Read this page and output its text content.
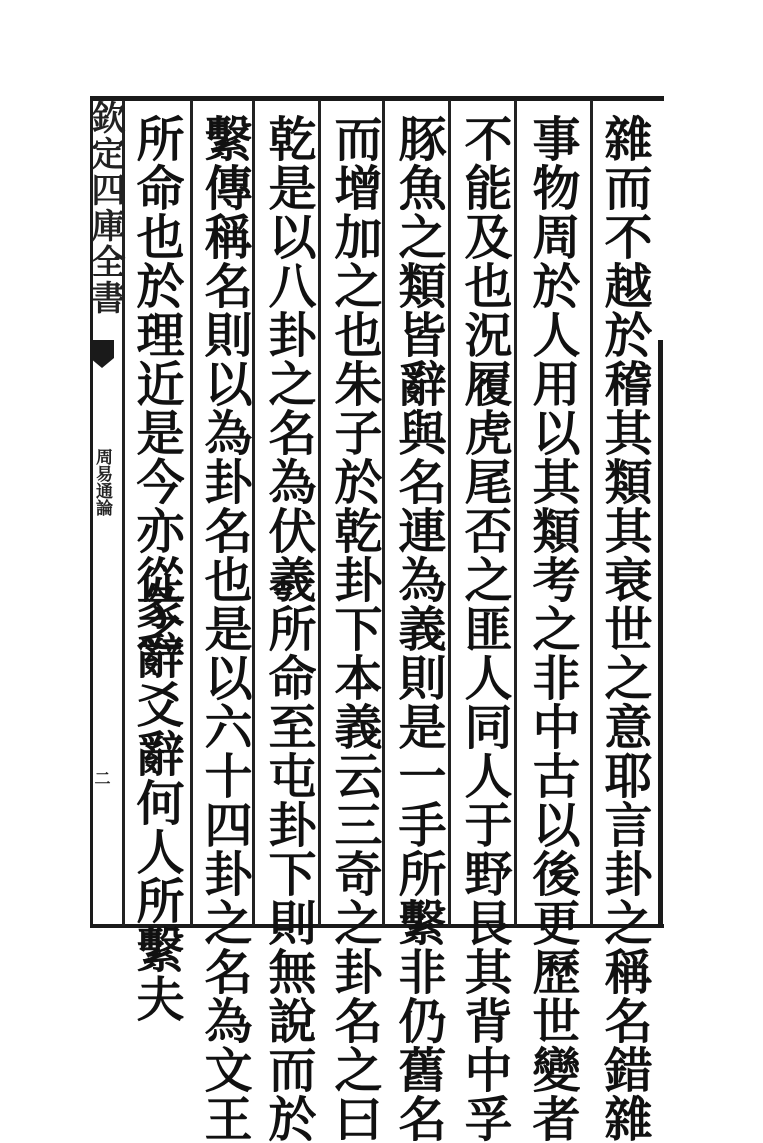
欽定四庫全書
周易通論
二	雜而不越於稽其類其衰世之意耶言卦之稱名錯雜
事物周於人用以其類考之非中古以後更歷世變者
不能及也況履虎尾否之匪人同人于野艮其背中孚
豚魚之類皆辭與名連為義則是一手所繫非仍舊名
而增加之也朱子於乾卦下本義云三奇之卦名之曰
乾是以八卦之名為伏羲所命至屯卦下則無說而於
繫傳稱名則以為卦名也是以六十四卦之名為文王
所命也於理近是今亦從之
彖辭爻辭何人所繫夫
